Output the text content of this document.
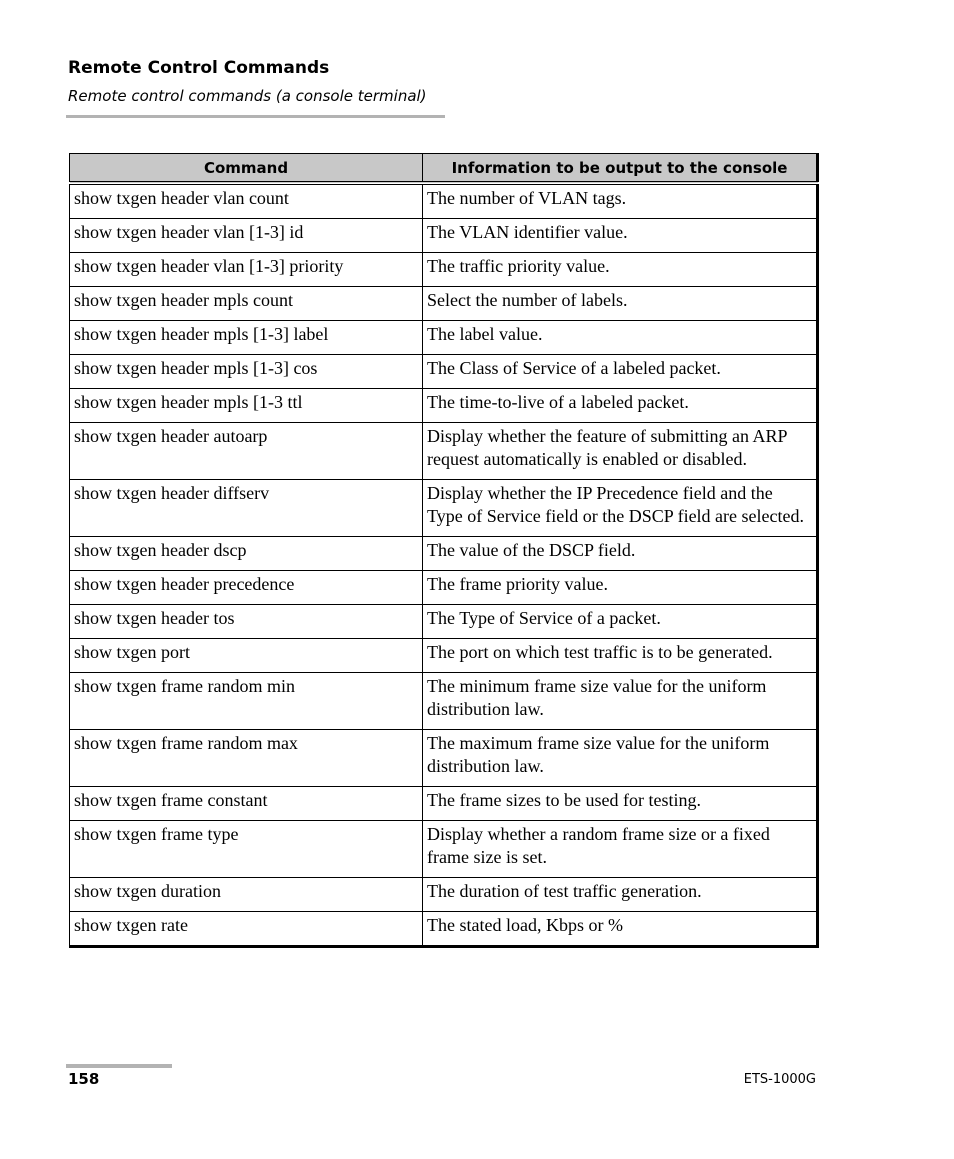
Remote Control Commands

Remote control commands (a console terminal)

Command	Information to be output to the console
show txgen header vlan count	The number of VLAN tags.
show txgen header vlan [1-3] id	The VLAN identifier value.
show txgen header vlan [1-3] priority	The traffic priority value.
show txgen header mpls count	Select the number of labels.
show txgen header mpls [1-3] label	The label value.
show txgen header mpls [1-3] cos	The Class of Service of a labeled packet.
show txgen header mpls [1-3 ttl	The time-to-live of a labeled packet.
show txgen header autoarp	Display whether the feature of submitting an ARP request automatically is enabled or disabled.
show txgen header diffserv	Display whether the IP Precedence field and the Type of Service field or the DSCP field are selected.
show txgen header dscp	The value of the DSCP field.
show txgen header precedence	The frame priority value.
show txgen header tos	The Type of Service of a packet.
show txgen port	The port on which test traffic is to be generated.
show txgen frame random min	The minimum frame size value for the uniform distribution law.
show txgen frame random max	The maximum frame size value for the uniform distribution law.
show txgen frame constant	The frame sizes to be used for testing.
show txgen frame type	Display whether a random frame size or a fixed frame size is set.
show txgen duration	The duration of test traffic generation.
show txgen rate	The stated load, Kbps or %
158	ETS-1000G
